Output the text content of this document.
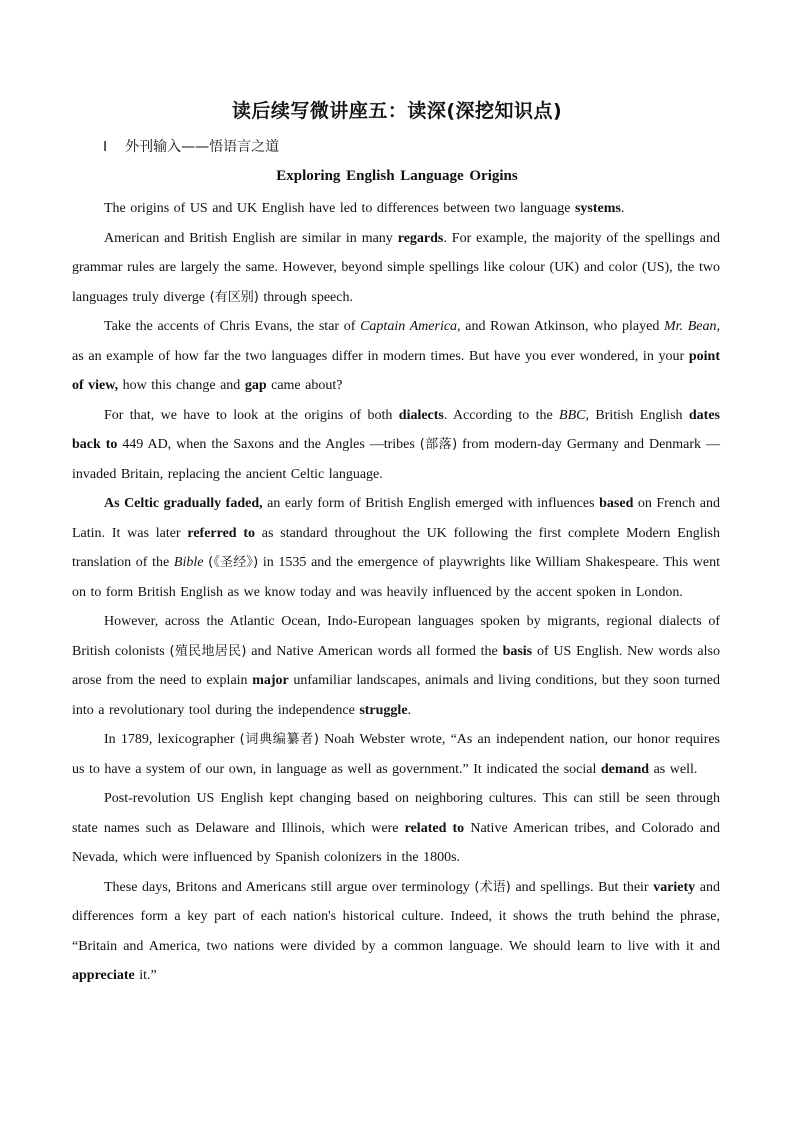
读后续写微讲座五：读深(深挖知识点)
Ⅰ 外刊输入——悟语言之道
Exploring English Language Origins

The origins of US and UK English have led to differences between two language systems.

American and British English are similar in many regards. For example, the majority of the spellings and grammar rules are largely the same. However, beyond simple spellings like colour (UK) and color (US), the two languages truly diverge (有区别) through speech.

Take the accents of Chris Evans, the star of Captain America, and Rowan Atkinson, who played Mr. Bean, as an example of how far the two languages differ in modern times. But have you ever wondered, in your point of view, how this change and gap came about?

For that, we have to look at the origins of both dialects. According to the BBC, British English dates back to 449 AD, when the Saxons and the Angles —tribes (部落) from modern-day Germany and Denmark —invaded Britain, replacing the ancient Celtic language.

As Celtic gradually faded, an early form of British English emerged with influences based on French and Latin. It was later referred to as standard throughout the UK following the first complete Modern English translation of the Bible (《圣经》) in 1535 and the emergence of playwrights like William Shakespeare. This went on to form British English as we know today and was heavily influenced by the accent spoken in London.

However, across the Atlantic Ocean, Indo-European languages spoken by migrants, regional dialects of British colonists (殖民地居民) and Native American words all formed the basis of US English. New words also arose from the need to explain major unfamiliar landscapes, animals and living conditions, but they soon turned into a revolutionary tool during the independence struggle.

In 1789, lexicographer (词典编纂者) Noah Webster wrote, “As an independent nation, our honor requires us to have a system of our own, in language as well as government.” It indicated the social demand as well.

Post-revolution US English kept changing based on neighboring cultures. This can still be seen through state names such as Delaware and Illinois, which were related to Native American tribes, and Colorado and Nevada, which were influenced by Spanish colonizers in the 1800s.

These days, Britons and Americans still argue over terminology (术语) and spellings. But their variety and differences form a key part of each nation's historical culture. Indeed, it shows the truth behind the phrase, “Britain and America, two nations were divided by a common language. We should learn to live with it and appreciate it.”
